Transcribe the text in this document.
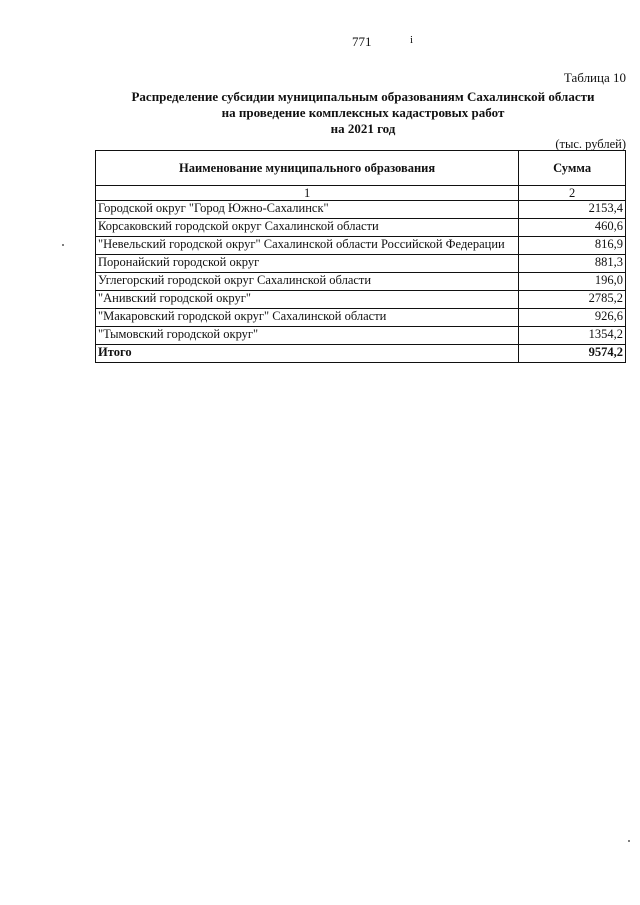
771	i
Таблица 10
Распределение субсидии муниципальным образованиям Сахалинской области
на проведение комплексных кадастровых работ
на 2021 год
(тыс. рублей)
Наименование муниципального образования	Сумма
1	2
Городской округ "Город Южно-Сахалинск"	2153,4
Корсаковский городской округ Сахалинской области	460,6
"Невельский городской округ" Сахалинской области Российской Федерации	816,9
Поронайский городской округ	881,3
Углегорский городской округ Сахалинской области	196,0
"Анивский городской округ"	2785,2
"Макаровский городской округ" Сахалинской области	926,6
"Тымовский городской округ"	1354,2
Итого	9574,2
